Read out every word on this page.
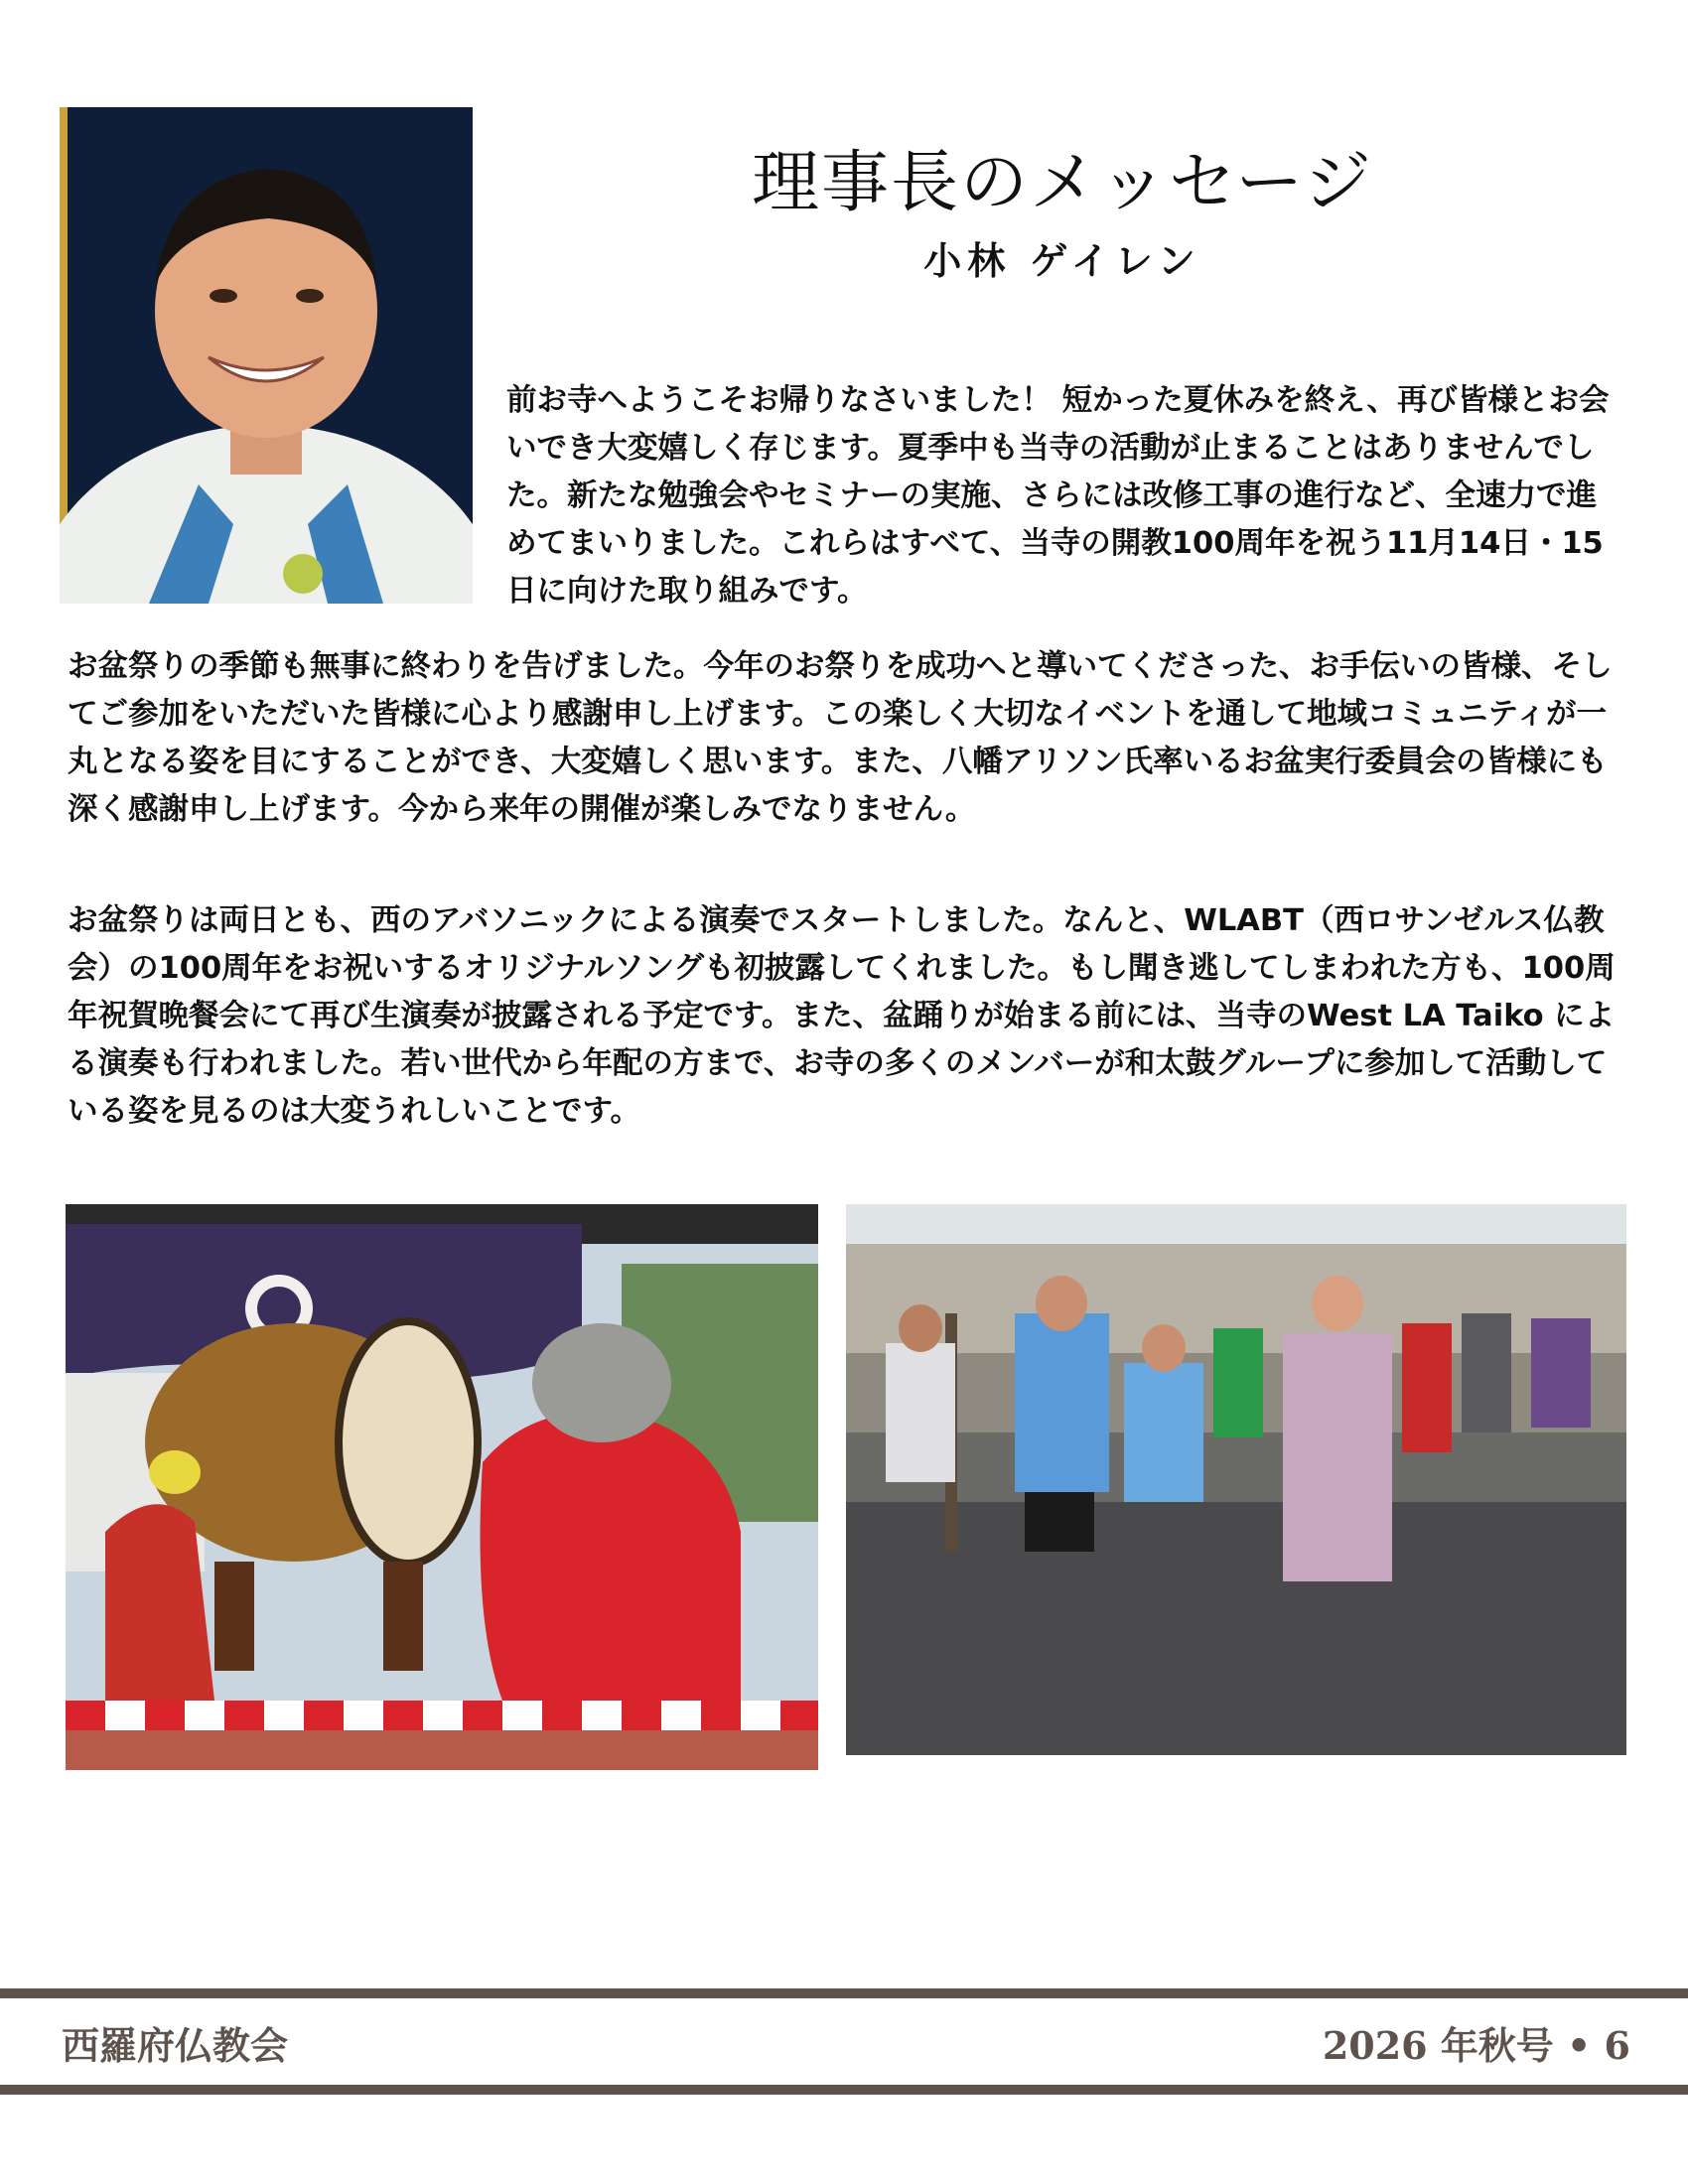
理事長のメッセージ
小林 ゲイレン

前お寺へようこそお帰りなさいました！ 短かった夏休みを終え、再び皆様とお会いでき大変嬉しく存じます。夏季中も当寺の活動が止まることはありませんでした。新たな勉強会やセミナーの実施、さらには改修工事の進行など、全速力で進めてまいりました。これらはすべて、当寺の開教100周年を祝う11月14日・15日に向けた取り組みです。

お盆祭りの季節も無事に終わりを告げました。今年のお祭りを成功へと導いてくださった、お手伝いの皆様、そしてご参加をいただいた皆様に心より感謝申し上げます。この楽しく大切なイベントを通して地域コミュニティが一丸となる姿を目にすることができ、大変嬉しく思います。また、八幡アリソン氏率いるお盆実行委員会の皆様にも深く感謝申し上げます。今から来年の開催が楽しみでなりません。

お盆祭りは両日とも、西のアバソニックによる演奏でスタートしました。なんと、WLABT（西ロサンゼルス仏教会）の100周年をお祝いするオリジナルソングも初披露してくれました。もし聞き逃してしまわれた方も、100周年祝賀晩餐会にて再び生演奏が披露される予定です。また、盆踊りが始まる前には、当寺のWest LA Taiko による演奏も行われました。若い世代から年配の方まで、お寺の多くのメンバーが和太鼓グループに参加して活動している姿を見るのは大変うれしいことです。

西羅府仏教会	2026 年秋号 • 6
